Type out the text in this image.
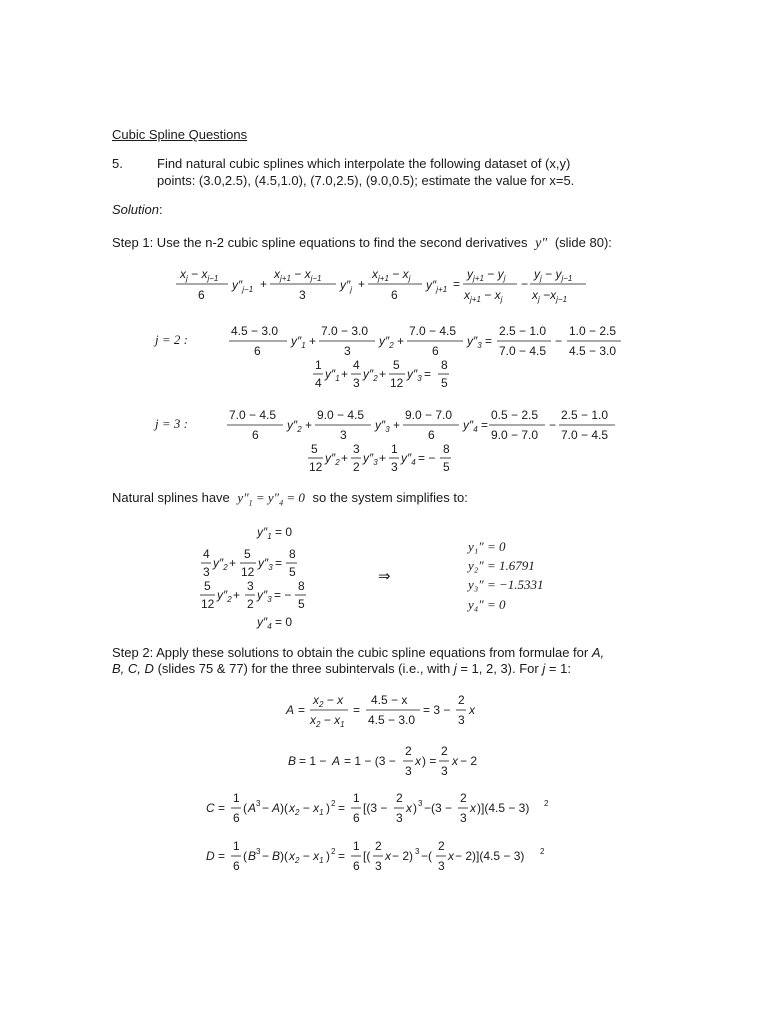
Cubic Spline Questions
5.	Find natural cubic splines which interpolate the following dataset of (x,y)
points: (3.0,2.5), (4.5,1.0), (7.0,2.5), (9.0,0.5); estimate the value for x=5.
Solution:
Step 1: Use the n-2 cubic spline equations to find the second derivatives y″ (slide 80):
$x_j - x_{j-1}$
6
$y''_{j-1}$ +
$x_{j+1} - x_{j-1}$
3
$y''_j$ +
$x_{j+1} - x_j$
6
$y''_{j+1}$ =
$y_{j+1} - y_j$
$x_{j+1} - x_j$
−
$y_j - y_{j-1}$
$x_j -x_{j-1}$
j = 2 :
4.5 − 3.0
6
$y''_1$ +
7.0 − 3.0
3
$y''_2$ +
7.0 − 4.5
6
$y''_3$ =
2.5 − 1.0
7.0 − 4.5
−
1.0 − 2.5
4.5 − 3.0
1
4
$y''_1$ +
4
3
$y''_2$ +
5
12
$y''_3$ =
8
5
j = 3 :
7.0 − 4.5
6
$y''_2$ +
9.0 − 4.5
3
$y''_3$ +
9.0 − 7.0
6
$y''_4$ =
0.5 − 2.5
9.0 − 7.0
−
2.5 − 1.0
7.0 − 4.5
5
12
$y''_2$ +
3
2
$y''_3$ +
1
3
$y''_4$ = −
8
5
Natural splines have $y''_1 = y''_4 = 0$ so the system simplifies to:
$y''_1 = 0$
4
3
$y''_2$ +
5
12
$y''_3$ =
8
5
5
12
$y''_2$ +
3
2
$y''_3$ = −
8
5
$y''_4 = 0$
⇒
y₁″ = 0
y₂″ = 1.6791
y₃″ = −1.5331
y₄″ = 0
Step 2: Apply these solutions to obtain the cubic spline equations from formulae for A,
B, C, D (slides 75 & 77) for the three subintervals (i.e., with j = 1, 2, 3). For j = 1:
A =
$x_2 - x$
$x_2 - x_1$
=
4.5 − x
4.5 − 3.0
= 3 −
2
3
x
B = 1 − A = 1 − (3 −
2
3
x ) =
2
3
x − 2
C =
1
6
( A 3 − A )( $x_2 - x_1$ ) 2 =
1
6
[(3 −
2
3
x ) 3 −(3 −
2
3
x )](4.5 − 3) 2
D =
1
6
( B 3 − B )( $x_2 - x_1$ ) 2 =
1
6
[(
2
3
x − 2) 3 −(
2
3
x − 2)](4.5 − 3) 2
